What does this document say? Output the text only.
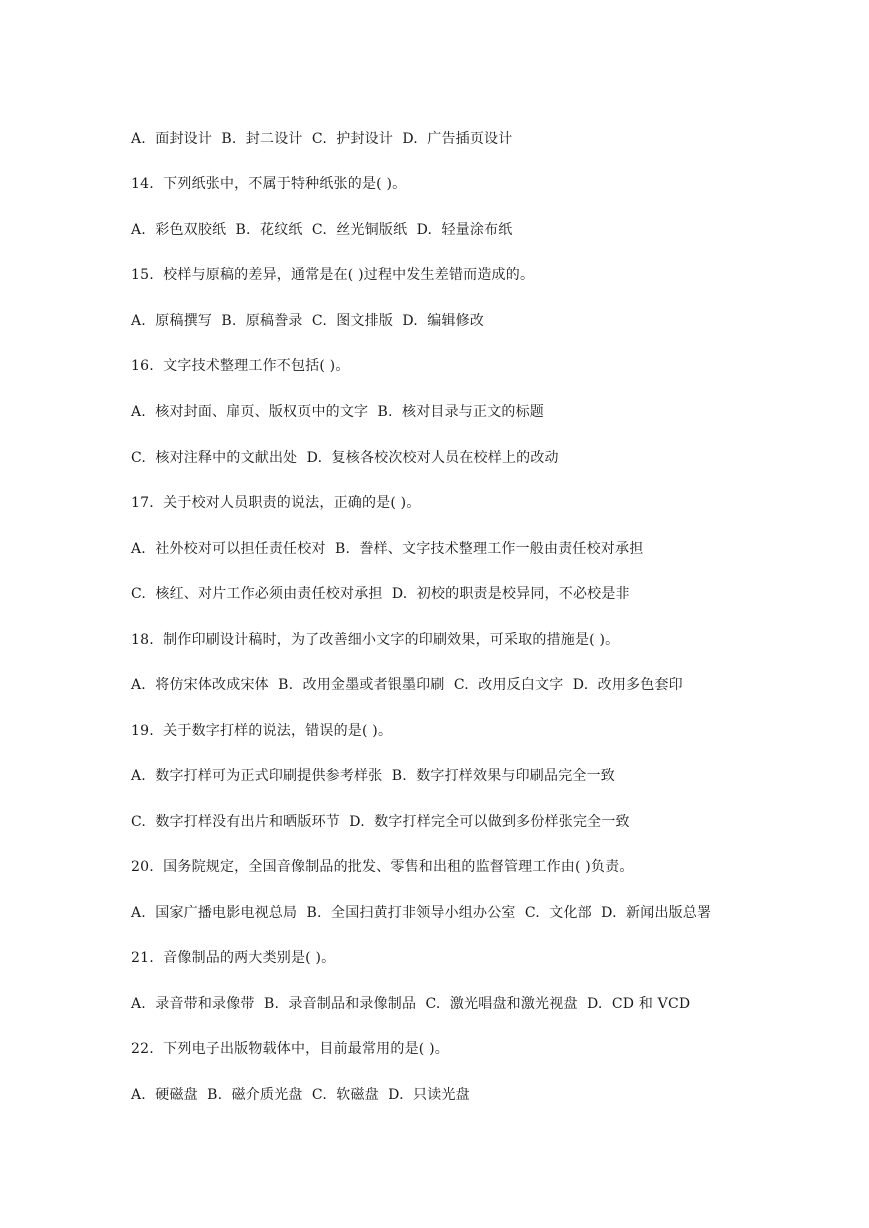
A.  面封设计  B.  封二设计  C.  护封设计  D.  广告插页设计
14.  下列纸张中，不属于特种纸张的是( )。
A.  彩色双胶纸  B.  花纹纸  C.  丝光铜版纸  D.  轻量涂布纸
15.  校样与原稿的差异，通常是在( )过程中发生差错而造成的。
A.  原稿撰写  B.  原稿誊录  C.  图文排版  D.  编辑修改
16.  文字技术整理工作不包括( )。
A.  核对封面、扉页、版权页中的文字  B.  核对目录与正文的标题
C.  核对注释中的文献出处  D.  复核各校次校对人员在校样上的改动
17.  关于校对人员职责的说法，正确的是( )。
A.  社外校对可以担任责任校对  B.  誊样、文字技术整理工作一般由责任校对承担
C.  核红、对片工作必须由责任校对承担  D.  初校的职责是校异同，不必校是非
18.  制作印刷设计稿时，为了改善细小文字的印刷效果，可采取的措施是( )。
A.  将仿宋体改成宋体  B.  改用金墨或者银墨印刷  C.  改用反白文字  D.  改用多色套印
19.  关于数字打样的说法，错误的是( )。
A.  数字打样可为正式印刷提供参考样张  B.  数字打样效果与印刷品完全一致
C.  数字打样没有出片和晒版环节  D.  数字打样完全可以做到多份样张完全一致
20.  国务院规定，全国音像制品的批发、零售和出租的监督管理工作由( )负责。
A.  国家广播电影电视总局  B.  全国扫黄打非领导小组办公室  C.  文化部  D.  新闻出版总署
21.  音像制品的两大类别是( )。
A.  录音带和录像带  B.  录音制品和录像制品  C.  激光唱盘和激光视盘  D.  CD 和 VCD
22.  下列电子出版物载体中，目前最常用的是( )。
A.  硬磁盘  B.  磁介质光盘  C.  软磁盘  D.  只读光盘
